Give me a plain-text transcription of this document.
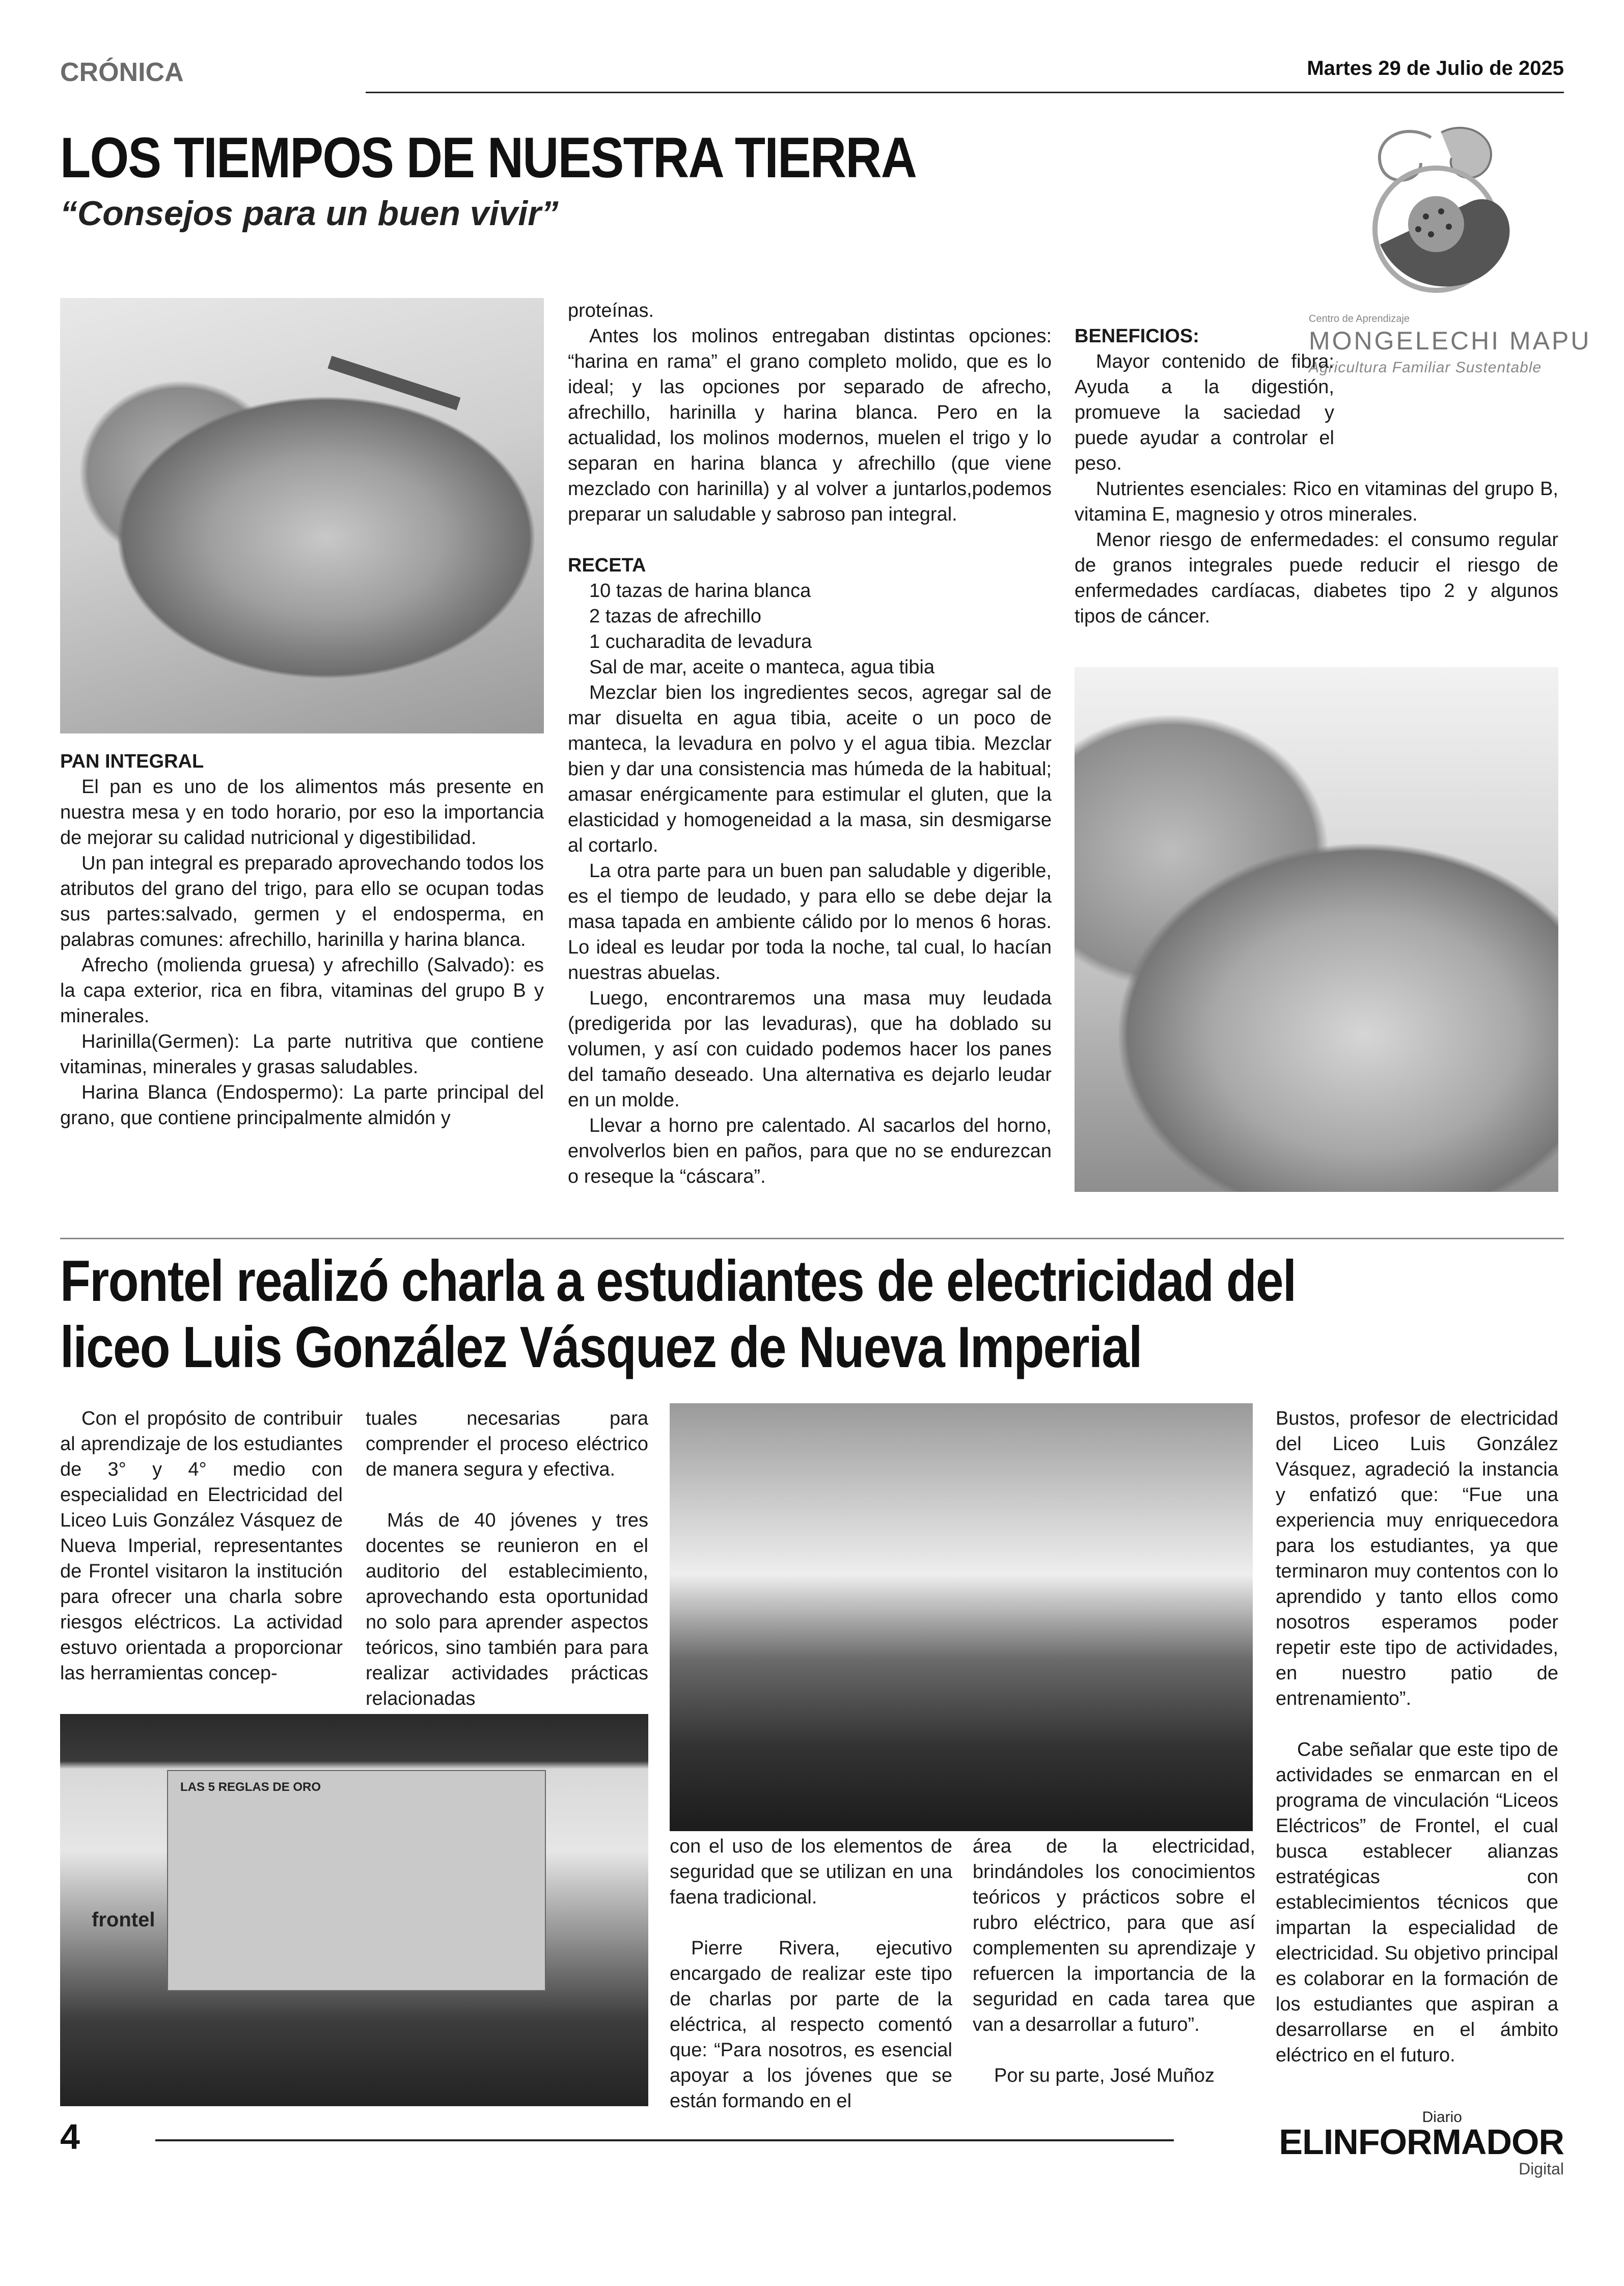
CRÓNICA	Martes 29 de Julio de 2025
LOS TIEMPOS DE NUESTRA TIERRA
“Consejos para un buen vivir”
Centro de Aprendizaje
MONGELECHI MAPU
Agricultura Familiar Sustentable

PAN INTEGRAL

El pan es uno de los alimentos más presente en nuestra mesa y en todo horario, por eso la importancia de mejorar su calidad nutricional y digestibilidad.

Un pan integral es preparado aprovechando todos los atributos del grano del trigo, para ello se ocupan todas sus partes:salvado, germen y el endosperma, en palabras comunes: afrechillo, harinilla y harina blanca.

Afrecho (molienda gruesa) y afrechillo (Salvado): es la capa exterior, rica en fibra, vitaminas del grupo B y minerales.

Harinilla(Germen): La parte nutritiva que contiene vitaminas, minerales y grasas saludables.

Harina Blanca (Endospermo): La parte principal del grano, que contiene principalmente almidón y

proteínas.

Antes los molinos entregaban distintas opciones: “harina en rama” el grano completo molido, que es lo ideal; y las opciones por separado de afrecho, afrechillo, harinilla y harina blanca. Pero en la actualidad, los molinos modernos, muelen el trigo y lo separan en harina blanca y afrechillo (que viene mezclado con harinilla) y al volver a juntarlos,podemos preparar un saludable y sabroso pan integral.

RECETA

10 tazas de harina blanca

2 tazas de afrechillo

1 cucharadita de levadura

Sal de mar, aceite o manteca, agua tibia

Mezclar bien los ingredientes secos, agregar sal de mar disuelta en agua tibia, aceite o un poco de manteca, la levadura en polvo y el agua tibia. Mezclar bien y dar una consistencia mas húmeda de la habitual; amasar enérgicamente para estimular el gluten, que la elasticidad y homogeneidad a la masa, sin desmigarse al cortarlo.

La otra parte para un buen pan saludable y digerible, es el tiempo de leudado, y para ello se debe dejar la masa tapada en ambiente cálido por lo menos 6 horas. Lo ideal es leudar por toda la noche, tal cual, lo hacían nuestras abuelas.

Luego, encontraremos una masa muy leudada (predigerida por las levaduras), que ha doblado su volumen, y así con cuidado podemos hacer los panes del tamaño deseado. Una alternativa es dejarlo leudar en un molde.

Llevar a horno pre calentado. Al sacarlos del horno, envolverlos bien en paños, para que no se endurezcan o reseque la “cáscara”.

BENEFICIOS:

Mayor contenido de fibra: Ayuda a la digestión, promueve la saciedad y puede ayudar a controlar el peso.

Nutrientes esenciales: Rico en vitaminas del grupo B, vitamina E, magnesio y otros minerales.

Menor riesgo de enfermedades: el consumo regular de granos integrales puede reducir el riesgo de enfermedades cardíacas, diabetes tipo 2 y algunos tipos de cáncer.

Frontel realizó charla a estudiantes de electricidad del
liceo Luis González Vásquez de Nueva Imperial

Con el propósito de contribuir al aprendizaje de los estudiantes de 3° y 4° medio con especialidad en Electricidad del Liceo Luis González Vásquez de Nueva Imperial, representantes de Frontel visitaron la institución para ofrecer una charla sobre riesgos eléctricos. La actividad estuvo orientada a proporcionar las herramientas concep-

tuales necesarias para comprender el proceso eléctrico de manera segura y efectiva.

Más de 40 jóvenes y tres docentes se reunieron en el auditorio del establecimiento, aprovechando esta oportunidad no solo para aprender aspectos teóricos, sino también para para realizar actividades prácticas relacionadas

LAS 5 REGLAS DE ORO
frontel

con el uso de los elementos de seguridad que se utilizan en una faena tradicional.

Pierre Rivera, ejecutivo encargado de realizar este tipo de charlas por parte de la eléctrica, al respecto comentó que: “Para nosotros, es esencial apoyar a los jóvenes que se están formando en el

área de la electricidad, brindándoles los conocimientos teóricos y prácticos sobre el rubro eléctrico, para que así complementen su aprendizaje y refuercen la importancia de la seguridad en cada tarea que van a desarrollar a futuro”.

Por su parte, José Muñoz

Bustos, profesor de electricidad del Liceo Luis González Vásquez, agradeció la instancia y enfatizó que: “Fue una experiencia muy enriquecedora para los estudiantes, ya que terminaron muy contentos con lo aprendido y tanto ellos como nosotros esperamos poder repetir este tipo de actividades, en nuestro patio de entrenamiento”.

Cabe señalar que este tipo de actividades se enmarcan en el programa de vinculación “Liceos Eléctricos” de Frontel, el cual busca establecer alianzas estratégicas con establecimientos técnicos que impartan la especialidad de electricidad. Su objetivo principal es colaborar en la formación de los estudiantes que aspiran a desarrollarse en el ámbito eléctrico en el futuro.

4	Diario
ELINFORMADOR
Digital
